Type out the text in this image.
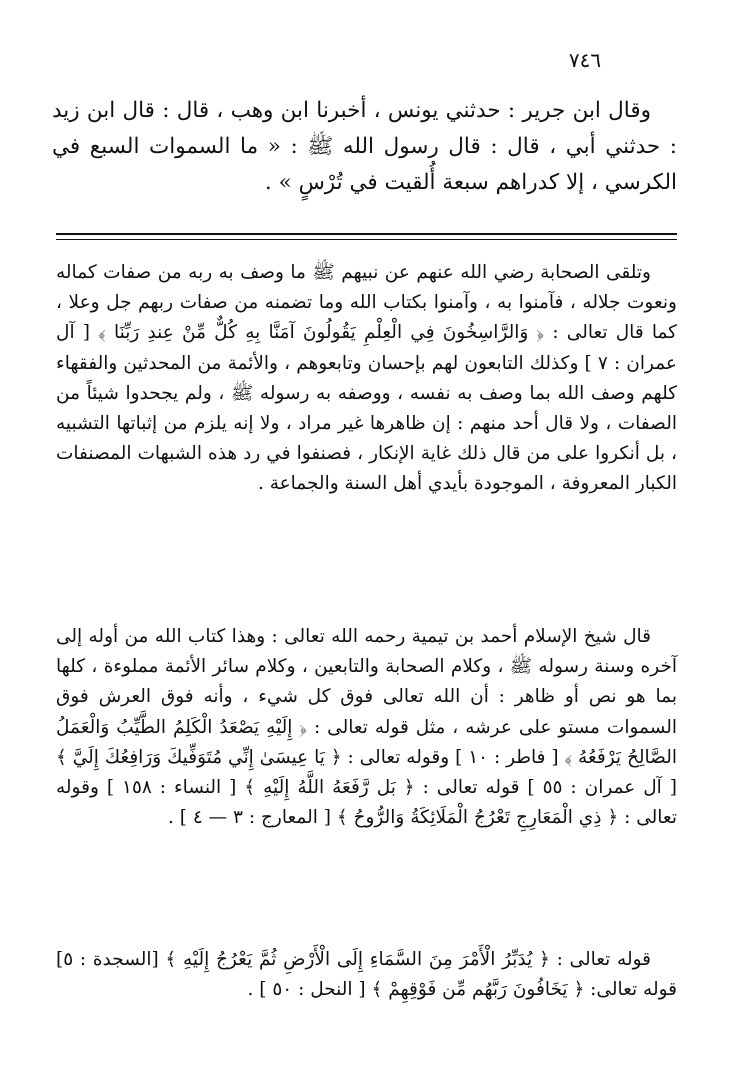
٧٤٦

وقال ابن جرير : حدثني يونس ، أخبرنا ابن وهب ، قال : قال ابن زيد : حدثني أبي ، قال : قال رسول الله ﷺ : « ما السموات السبع في الكرسي ، إلا كدراهم سبعة أُلقيت في تُرْسٍ » .

وتلقى الصحابة رضي الله عنهم عن نبيهم ﷺ ما وصف به ربه من صفات كماله ونعوت جلاله ، فآمنوا به ، وآمنوا بكتاب الله وما تضمنه من صفات ربهم جل وعلا ، كما قال تعالى : ﴿ وَالرَّاسِخُونَ فِي الْعِلْمِ يَقُولُونَ آمَنَّا بِهِ كُلٌّ مِّنْ عِندِ رَبِّنَا ﴾ [ آل عمران : ٧ ] وكذلك التابعون لهم بإحسان وتابعوهم ، والأئمة من المحدثين والفقهاء كلهم وصف الله بما وصف به نفسه ، ووصفه به رسوله ﷺ ، ولم يجحدوا شيئاً من الصفات ، ولا قال أحد منهم : إن ظاهرها غير مراد ، ولا إنه يلزم من إثباتها التشبيه ، بل أنكروا على من قال ذلك غاية الإنكار ، فصنفوا في رد هذه الشبهات المصنفات الكبار المعروفة ، الموجودة بأيدي أهل السنة والجماعة .

قال شيخ الإسلام أحمد بن تيمية رحمه الله تعالى : وهذا كتاب الله من أوله إلى آخره وسنة رسوله ﷺ ، وكلام الصحابة والتابعين ، وكلام سائر الأئمة مملوءة ، كلها بما هو نص أو ظاهر : أن الله تعالى فوق كل شيء ، وأنه فوق العرش فوق السموات مستو على عرشه ، مثل قوله تعالى : ﴿ إِلَيْهِ يَصْعَدُ الْكَلِمُ الطَّيِّبُ وَالْعَمَلُ الصَّالِحُ يَرْفَعُهُ ﴾ [ فاطر : ١٠ ] وقوله تعالى : ﴿ يَا عِيسَىٰ إِنِّي مُتَوَفِّيكَ وَرَافِعُكَ إِلَيَّ ﴾ [ آل عمران : ٥٥ ] قوله تعالى : ﴿ بَل رَّفَعَهُ اللَّهُ إِلَيْهِ ﴾ [ النساء : ١٥٨ ] وقوله تعالى : ﴿ ذِي الْمَعَارِجِ تَعْرُجُ الْمَلَائِكَةُ وَالرُّوحُ ﴾ [ المعارج : ٣ — ٤ ] .

قوله تعالى : ﴿ يُدَبِّرُ الْأَمْرَ مِنَ السَّمَاءِ إِلَى الْأَرْضِ ثُمَّ يَعْرُجُ إِلَيْهِ ﴾ [السجدة : ٥] قوله تعالى: ﴿ يَخَافُونَ رَبَّهُم مِّن فَوْقِهِمْ ﴾ [ النحل : ٥٠ ] .
